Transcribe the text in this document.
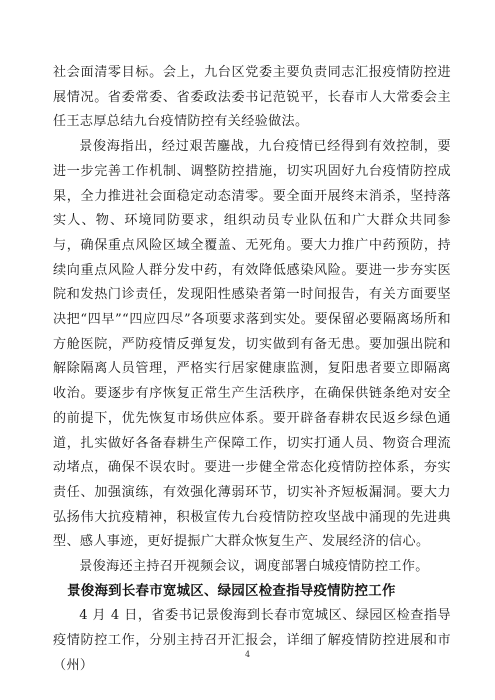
社会面清零目标。会上，九台区党委主要负责同志汇报疫情防控进展情况。省委常委、省委政法委书记范锐平，长春市人大常委会主任王志厚总结九台疫情防控有关经验做法。

景俊海指出，经过艰苦鏖战，九台疫情已经得到有效控制，要进一步完善工作机制、调整防控措施，切实巩固好九台疫情防控成果，全力推进社会面稳定动态清零。要全面开展终末消杀，坚持落实人、物、环境同防要求，组织动员专业队伍和广大群众共同参与，确保重点风险区域全覆盖、无死角。要大力推广中药预防，持续向重点风险人群分发中药，有效降低感染风险。要进一步夯实医院和发热门诊责任，发现阳性感染者第一时间报告，有关方面要坚决把“四早”“四应四尽”各项要求落到实处。要保留必要隔离场所和方舱医院，严防疫情反弹复发，切实做到有备无患。要加强出院和解除隔离人员管理，严格实行居家健康监测，复阳患者要立即隔离收治。要逐步有序恢复正常生产生活秩序，在确保供链条绝对安全的前提下，优先恢复市场供应体系。要开辟备春耕农民返乡绿色通道，扎实做好各备春耕生产保障工作，切实打通人员、物资合理流动堵点，确保不误农时。要进一步健全常态化疫情防控体系，夯实责任、加强演练，有效强化薄弱环节，切实补齐短板漏洞。要大力弘扬伟大抗疫精神，积极宣传九台疫情防控攻坚战中涌现的先进典型、感人事迹，更好提振广大群众恢复生产、发展经济的信心。

景俊海还主持召开视频会议，调度部署白城疫情防控工作。

景俊海到长春市宽城区、绿园区检查指导疫情防控工作

4 月 4 日，省委书记景俊海到长春市宽城区、绿园区检查指导疫情防控工作，分别主持召开汇报会，详细了解疫情防控进展和市（州）

4
